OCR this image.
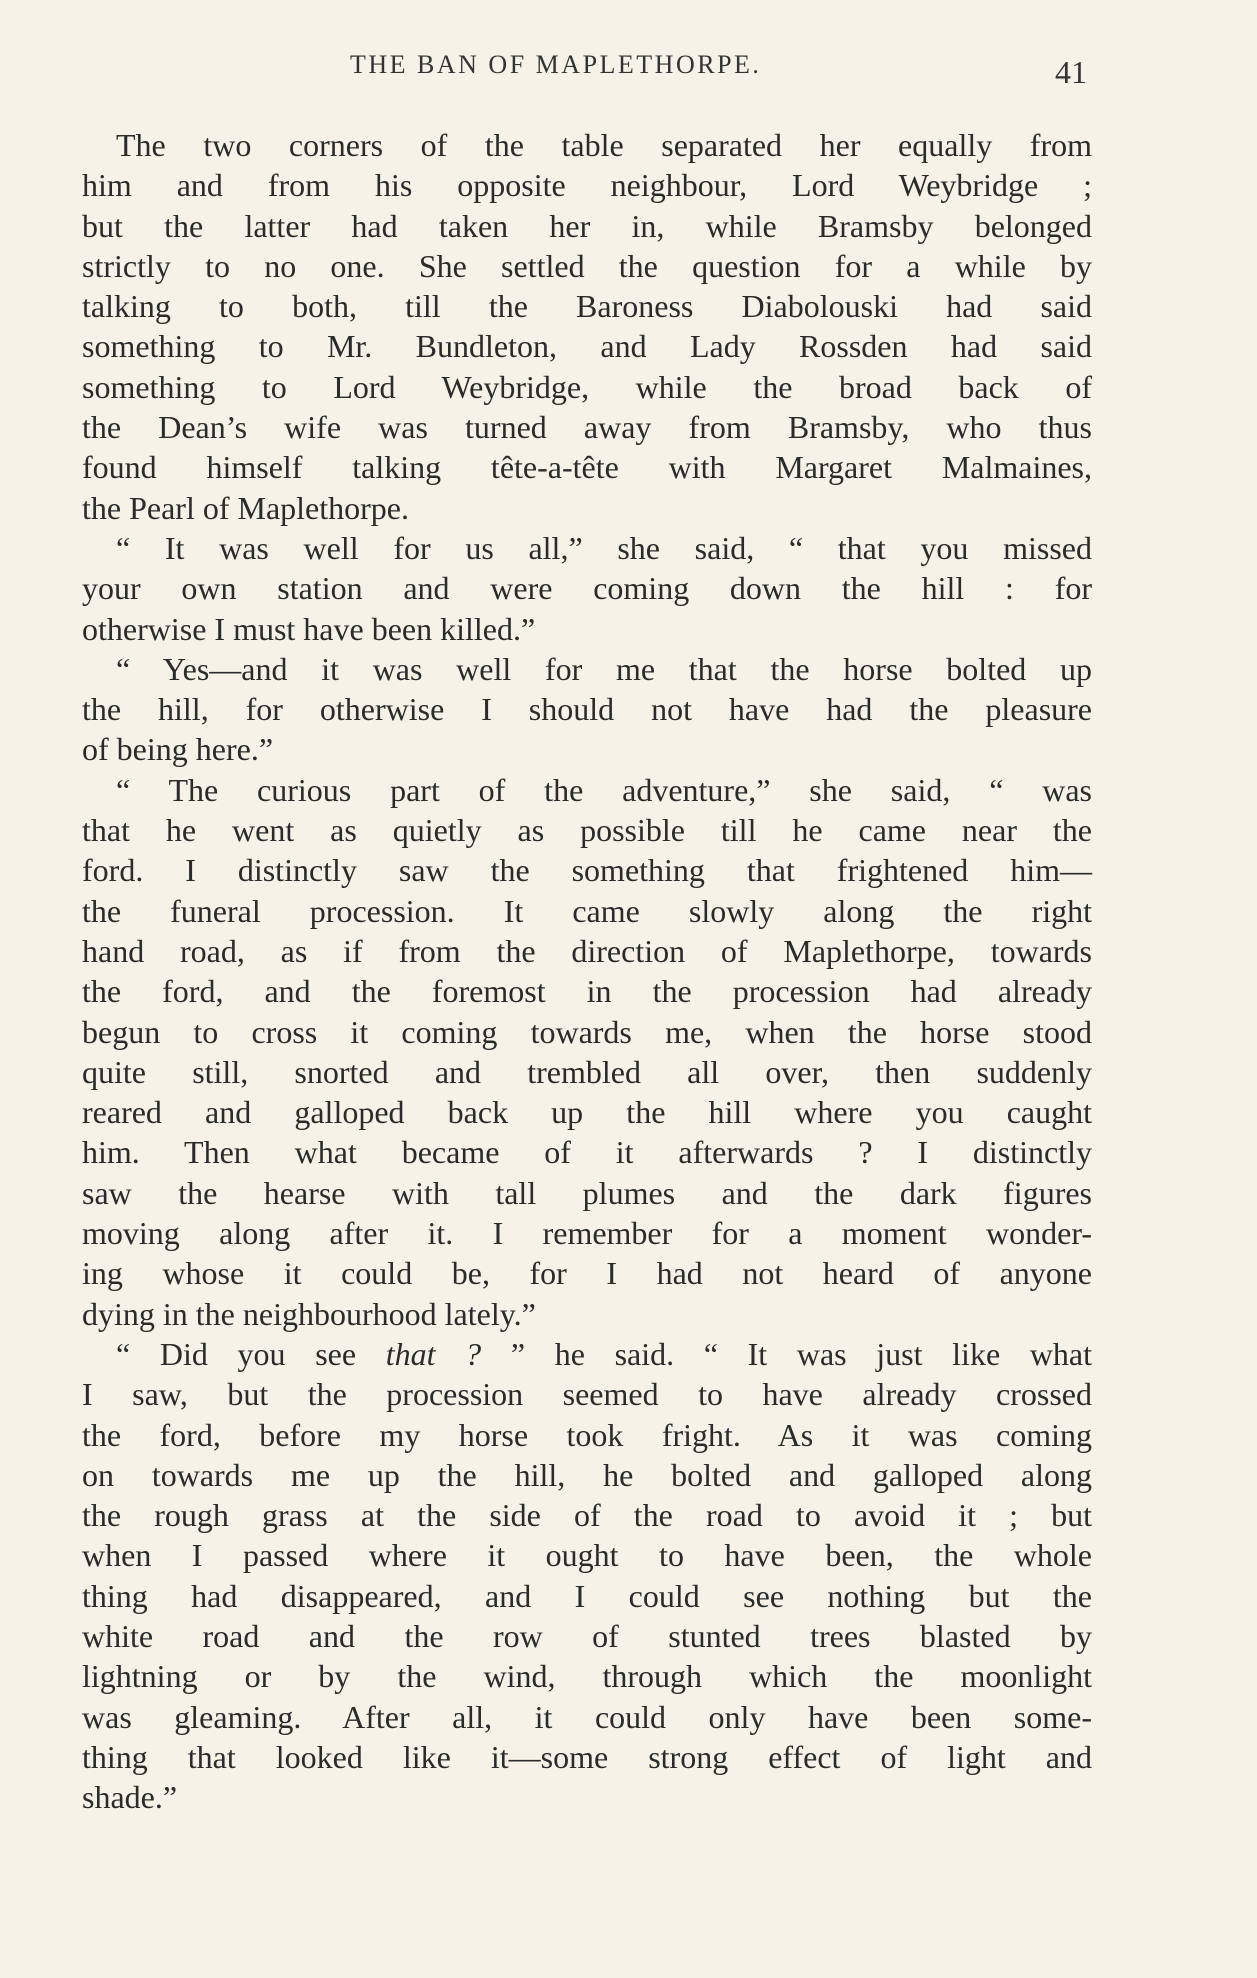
THE BAN OF MAPLETHORPE.	41
The two corners of the table separated her equally from
him and from his opposite neighbour, Lord Weybridge ;
but the latter had taken her in, while Bramsby belonged
strictly to no one. She settled the question for a while by
talking to both, till the Baroness Diabolouski had said
something to Mr. Bundleton, and Lady Rossden had said
something to Lord Weybridge, while the broad back of
the Dean’s wife was turned away from Bramsby, who thus
found himself talking tête-a-tête with Margaret Malmaines,
the Pearl of Maplethorpe.
“ It was well for us all,” she said, “ that you missed
your own station and were coming down the hill : for
otherwise I must have been killed.”
“ Yes—and it was well for me that the horse bolted up
the hill, for otherwise I should not have had the pleasure
of being here.”
“ The curious part of the adventure,” she said, “ was
that he went as quietly as possible till he came near the
ford. I distinctly saw the something that frightened him—
the funeral procession. It came slowly along the right
hand road, as if from the direction of Maplethorpe, towards
the ford, and the foremost in the procession had already
begun to cross it coming towards me, when the horse stood
quite still, snorted and trembled all over, then suddenly
reared and galloped back up the hill where you caught
him. Then what became of it afterwards ? I distinctly
saw the hearse with tall plumes and the dark figures
moving along after it. I remember for a moment wonder-
ing whose it could be, for I had not heard of anyone
dying in the neighbourhood lately.”
“ Did you see that ? ” he said. “ It was just like what
I saw, but the procession seemed to have already crossed
the ford, before my horse took fright. As it was coming
on towards me up the hill, he bolted and galloped along
the rough grass at the side of the road to avoid it ; but
when I passed where it ought to have been, the whole
thing had disappeared, and I could see nothing but the
white road and the row of stunted trees blasted by
lightning or by the wind, through which the moonlight
was gleaming. After all, it could only have been some-
thing that looked like it—some strong effect of light and
shade.”
